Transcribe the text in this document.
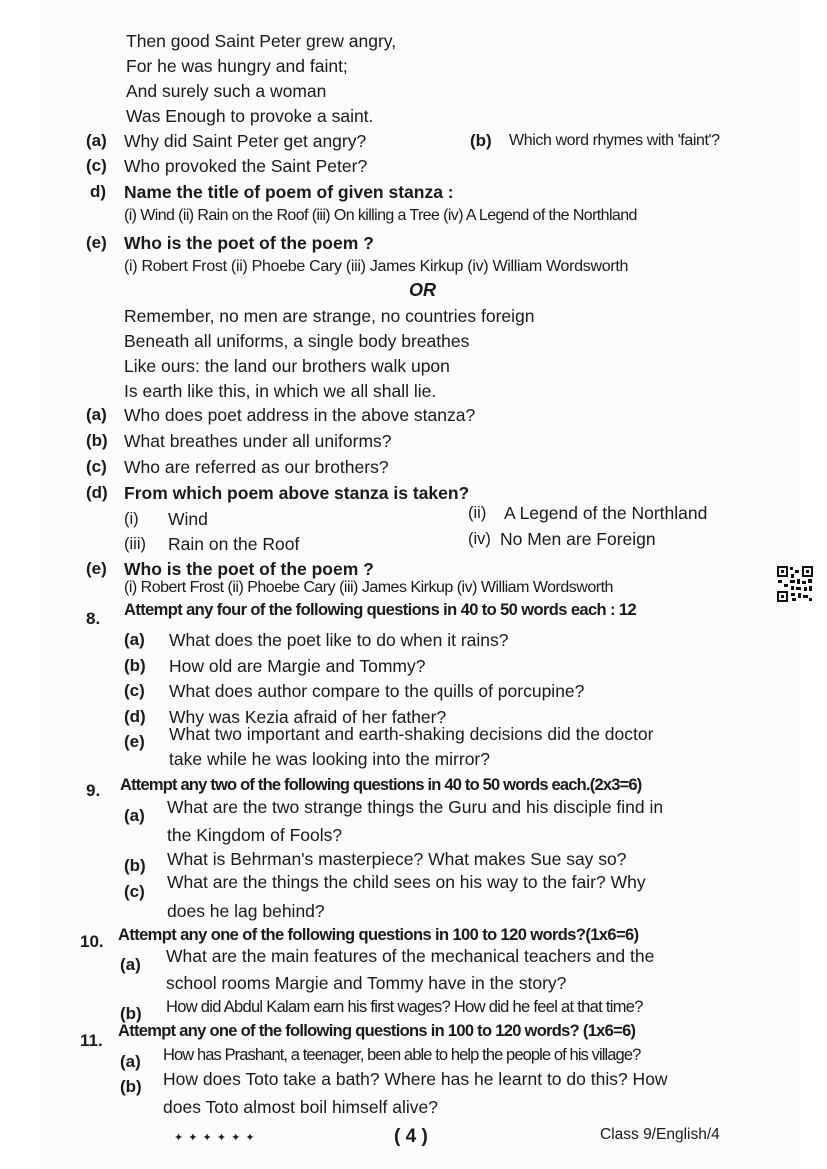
Then good Saint Peter grew angry,
For he was hungry and faint;
And surely such a woman
Was Enough to provoke a saint.
(a) Why did Saint Peter get angry?	(b) Which word rhymes with 'faint'?
(c) Who provoked the Saint Peter?
d) Name the title of poem of given stanza :
(i) Wind (ii) Rain on the Roof (iii) On killing a Tree (iv) A Legend of the Northland
(e) Who is the poet of the poem ?
(i) Robert Frost (ii) Phoebe Cary (iii) James Kirkup (iv) William Wordsworth
OR
Remember, no men are strange, no countries foreign
Beneath all uniforms, a single body breathes
Like ours: the land our brothers walk upon
Is earth like this, in which we all shall lie.
(a) Who does poet address in the above stanza?
(b) What breathes under all uniforms?
(c) Who are referred as our brothers?
(d) From which poem above stanza is taken?
(i) Wind	(ii) A Legend of the Northland
(iii) Rain on the Roof	(iv) No Men are Foreign
(e) Who is the poet of the poem ?
(i) Robert Frost (ii) Phoebe Cary (iii) James Kirkup (iv) William Wordsworth
8. Attempt any four of the following questions in 40 to 50 words each : 12
(a) What does the poet like to do when it rains?
(b) How old are Margie and Tommy?
(c) What does author compare to the quills of porcupine?
(d) Why was Kezia afraid of her father?
(e) What two important and earth-shaking decisions did the doctor
take while he was looking into the mirror?
9. Attempt any two of the following questions in 40 to 50 words each.(2x3=6)
(a) What are the two strange things the Guru and his disciple find in
the Kingdom of Fools?
(b) What is Behrman's masterpiece? What makes Sue say so?
(c) What are the things the child sees on his way to the fair? Why
does he lag behind?
10. Attempt any one of the following questions in 100 to 120 words?(1x6=6)
(a) What are the main features of the mechanical teachers and the
school rooms Margie and Tommy have in the story?
(b) How did Abdul Kalam earn his first wages? How did he feel at that time?
11. Attempt any one of the following questions in 100 to 120 words? (1x6=6)
(a) How has Prashant, a teenager, been able to help the people of his village?
(b) How does Toto take a bath? Where has he learnt to do this? How
does Toto almost boil himself alive?
✦ ✦ ✦ ✦ ✦ ✦	( 4 )	Class 9/English/4
